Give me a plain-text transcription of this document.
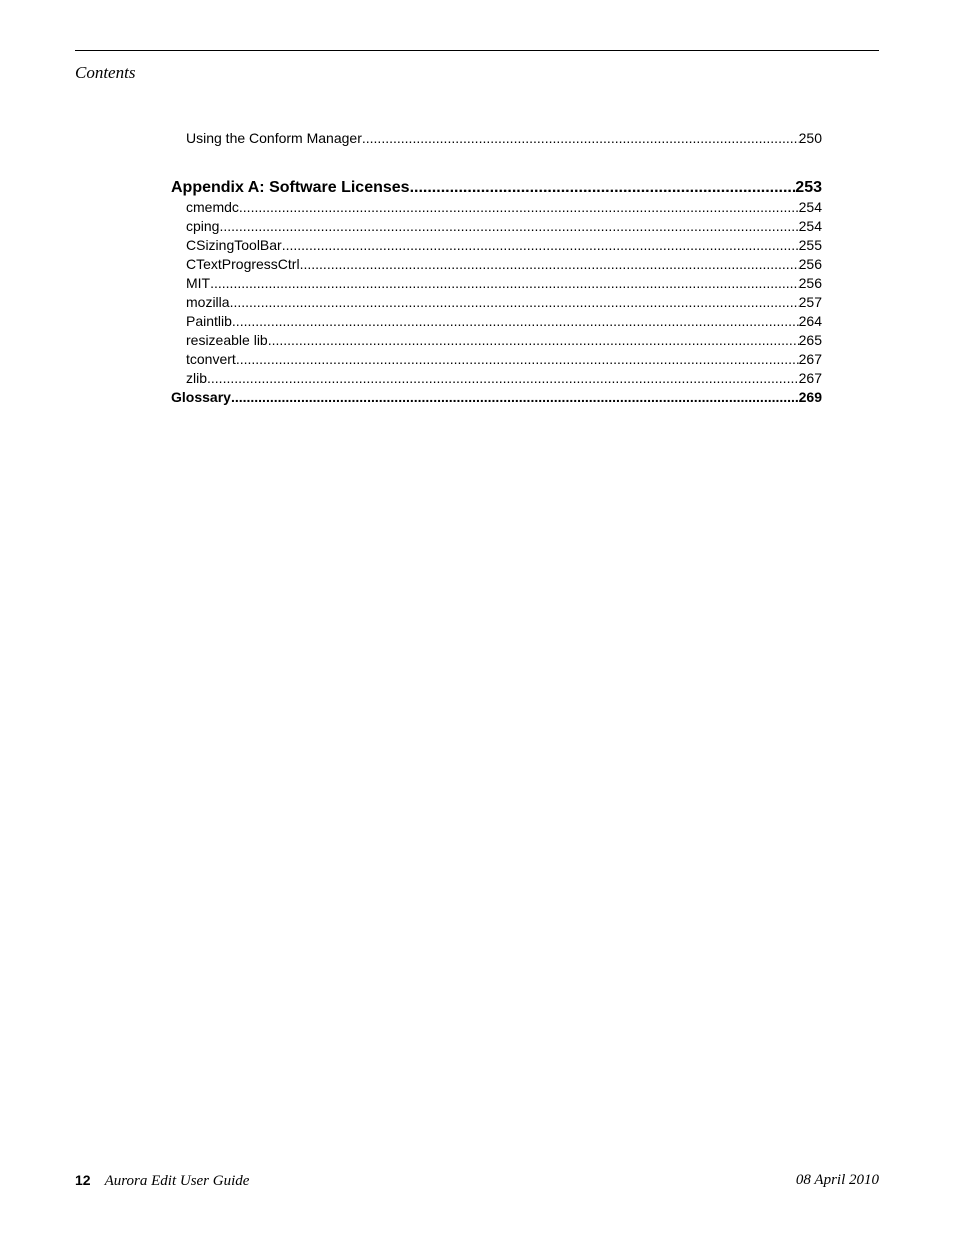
Contents
Using the Conform Manager .....	250
Appendix A: Software Licenses .....	253
cmemdc .....	254
cping .....	254
CSizingToolBar .....	255
CTextProgressCtrl .....	256
MIT .....	256
mozilla .....	257
Paintlib .....	264
resizeable lib .....	265
tconvert .....	267
zlib .....	267
Glossary .....	269
12 Aurora Edit User Guide	08 April 2010
